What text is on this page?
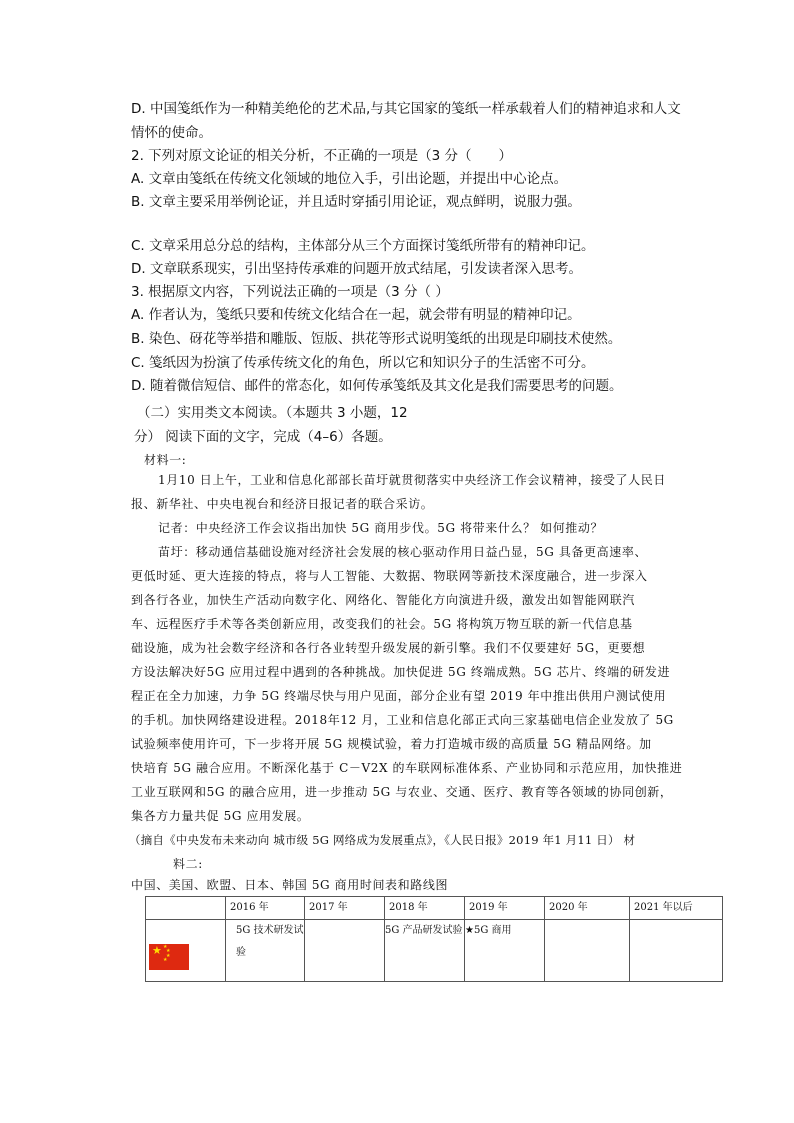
D. 中国笺纸作为一种精美绝伦的艺术品,与其它国家的笺纸一样承载着人们的精神追求和人文
情怀的使命。
2. 下列对原文论证的相关分析，不正确的一项是（3 分（　　）
A. 文章由笺纸在传统文化领域的地位入手，引出论题，并提出中心论点。
B. 文章主要采用举例论证，并且适时穿插引用论证，观点鲜明，说服力强。
C. 文章采用总分总的结构，主体部分从三个方面探讨笺纸所带有的精神印记。
D. 文章联系现实，引出坚持传承难的问题开放式结尾，引发读者深入思考。
3. 根据原文内容，下列说法正确的一项是（3 分（ ）
A. 作者认为，笺纸只要和传统文化结合在一起，就会带有明显的精神印记。
B. 染色、砑花等举措和雕版、饾版、拱花等形式说明笺纸的出现是印刷技术使然。
C. 笺纸因为扮演了传承传统文化的角色，所以它和知识分子的生活密不可分。
D. 随着微信短信、邮件的常态化，如何传承笺纸及其文化是我们需要思考的问题。
（二）实用类文本阅读。（本题共 3 小题，12
分） 阅读下面的文字，完成（4–6）各题。
材料一:
1月10 日上午，工业和信息化部部长苗圩就贯彻落实中央经济工作会议精神，接受了人民日
报、新华社、中央电视台和经济日报记者的联合采访。
记者：中央经济工作会议指出加快 5G 商用步伐。5G 将带来什么？ 如何推动？
苗圩：移动通信基础设施对经济社会发展的核心驱动作用日益凸显，5G 具备更高速率、
更低时延、更大连接的特点，将与人工智能、大数据、物联网等新技术深度融合，进一步深入
到各行各业，加快生产活动向数字化、网络化、智能化方向演进升级，激发出如智能网联汽
车、远程医疗手术等各类创新应用，改变我们的社会。5G 将构筑万物互联的新一代信息基
础设施，成为社会数字经济和各行各业转型升级发展的新引擎。我们不仅要建好 5G，更要想
方设法解决好5G 应用过程中遇到的各种挑战。加快促进 5G 终端成熟。5G 芯片、终端的研发进
程正在全力加速，力争 5G 终端尽快与用户见面，部分企业有望 2019 年中推出供用户测试使用
的手机。加快网络建设进程。2018年12 月，工业和信息化部正式向三家基础电信企业发放了 5G
试验频率使用许可，下一步将开展 5G 规模试验，着力打造城市级的高质量 5G 精品网络。加
快培育 5G 融合应用。不断深化基于 C－V2X 的车联网标准体系、产业协同和示范应用，加快推进
工业互联网和5G 的融合应用，进一步推动 5G 与农业、交通、医疗、教育等各领域的协同创新，
集各方力量共促 5G 应用发展。
（摘自《中央发布未来动向 城市级 5G 网络成为发展重点》，《人民日报》2019 年1 月11 日） 材
料二:
中国、美国、欧盟、日本、韩国 5G 商用时间表和路线图
	2016 年	2017 年	2018 年	2019 年	2020 年	2021 年以后

★ ★
★
★
★	5G 技术研发试验		5G 产品研发试验	★5G 商用		
